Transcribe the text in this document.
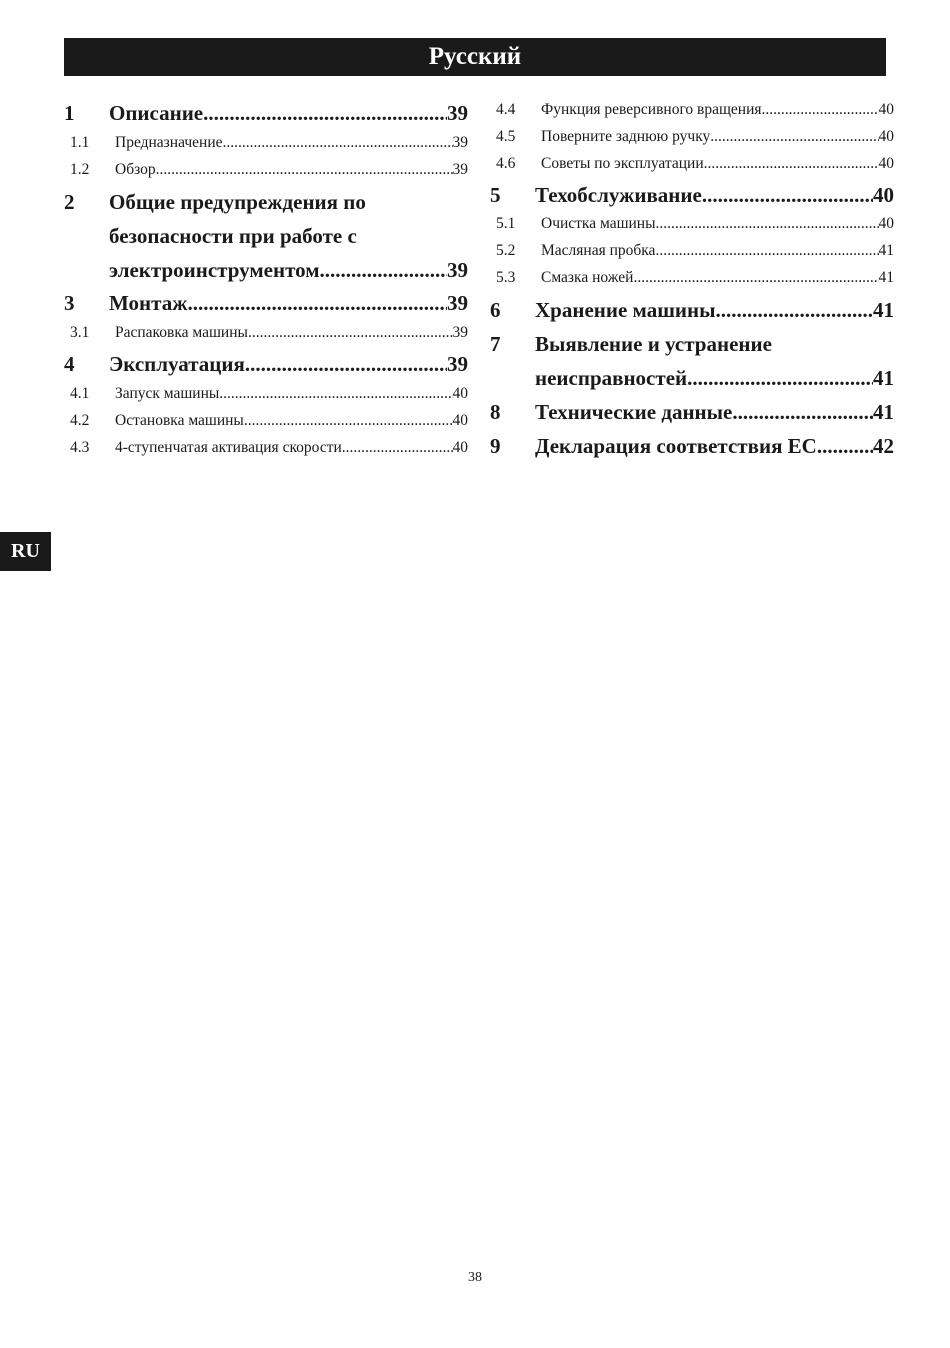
Русский
RU
1 Описание .....	39
1.1 Предназначение .....	39
1.2 Обзор .....	39
2 Общие предупреждения по
безопасности при работе с
электроинструментом .....	39
3 Монтаж .....	39
3.1 Распаковка машины .....	39
4 Эксплуатация .....	39
4.1 Запуск машины .....	40
4.2 Остановка машины .....	40
4.3 4-ступенчатая активация скорости .....	40
4.4 Функция реверсивного вращения .....	40
4.5 Поверните заднюю ручку .....	40
4.6 Советы по эксплуатации .....	40
5 Техобслуживание .....	40
5.1 Очистка машины .....	40
5.2 Масляная пробка .....	41
5.3 Смазка ножей .....	41
6 Хранение машины .....	41
7 Выявление и устранение
неисправностей .....	41
8 Технические данные .....	41
9 Декларация соответствия ЕС .....	42
38
